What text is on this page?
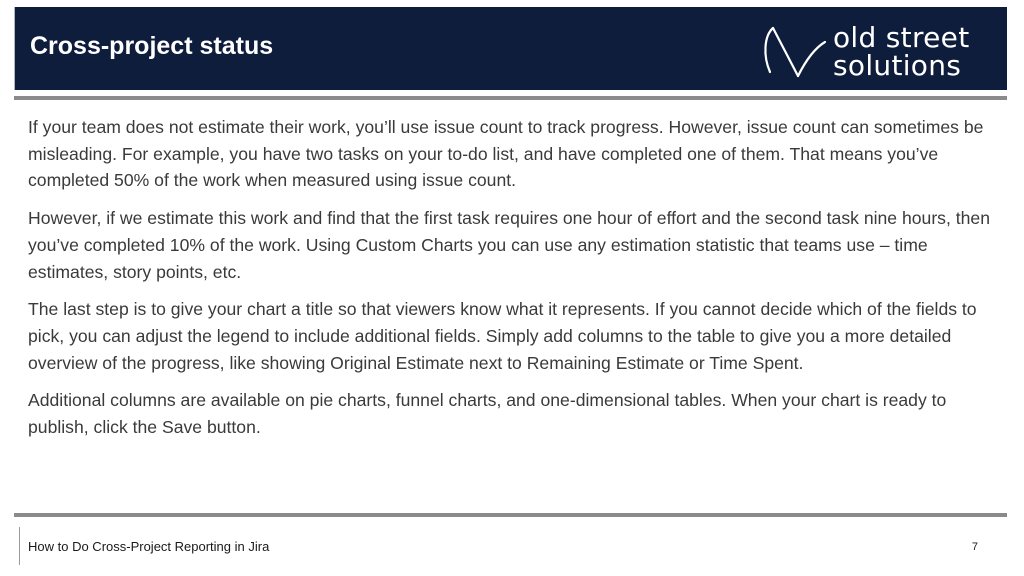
Cross-project status	old street
solutions

If your team does not estimate their work, you’ll use issue count to track progress. However, issue count can sometimes be misleading. For example, you have two tasks on your to-do list, and have completed one of them. That means you’ve completed 50% of the work when measured using issue count.

However, if we estimate this work and find that the first task requires one hour of effort and the second task nine hours, then you’ve completed 10% of the work. Using Custom Charts you can use any estimation statistic that teams use – time estimates, story points, etc.

The last step is to give your chart a title so that viewers know what it represents. If you cannot decide which of the fields to pick, you can adjust the legend to include additional fields. Simply add columns to the table to give you a more detailed overview of the progress, like showing Original Estimate next to Remaining Estimate or Time Spent.

Additional columns are available on pie charts, funnel charts, and one-dimensional tables. When your chart is ready to publish, click the Save button.

How to Do Cross-Project Reporting in Jira	7
